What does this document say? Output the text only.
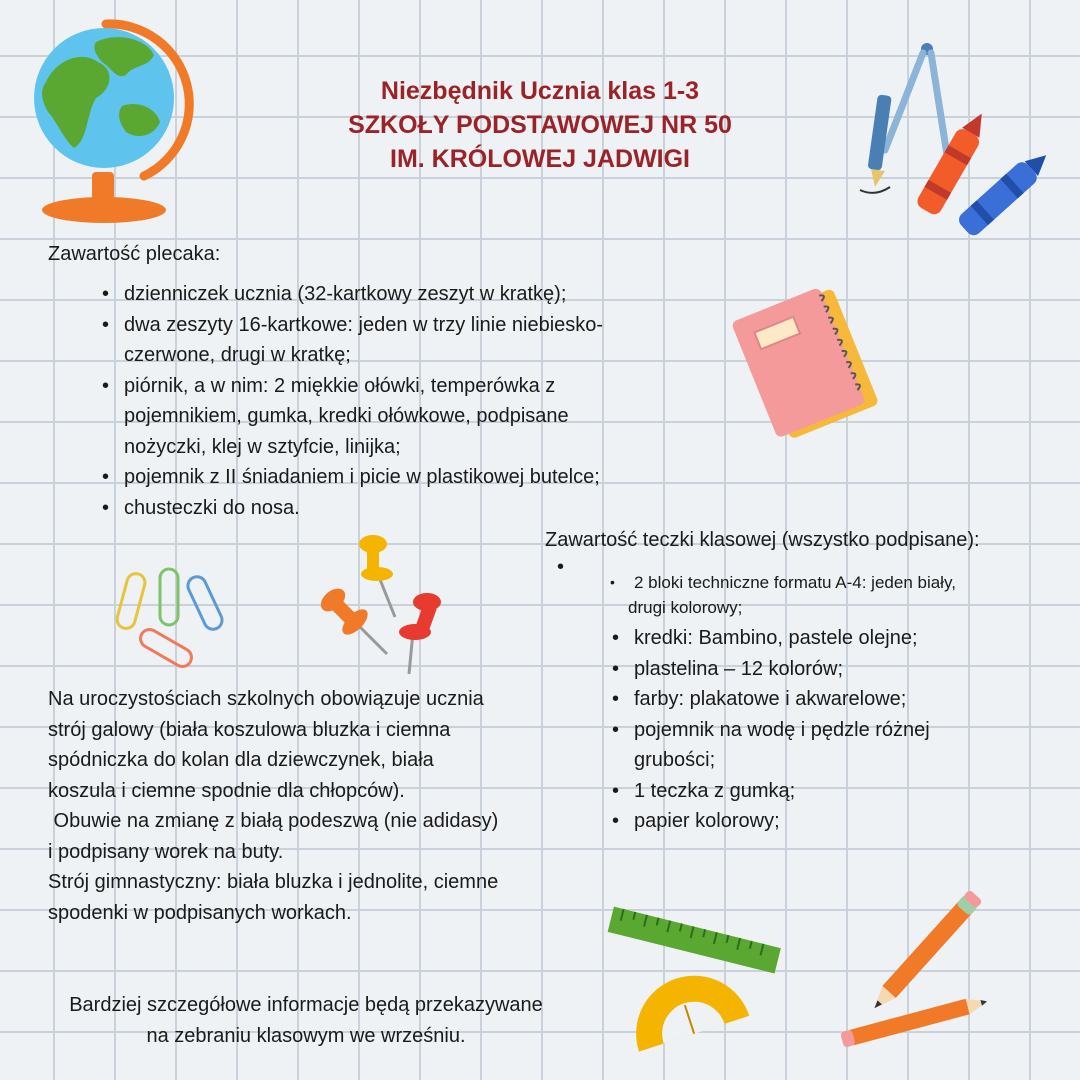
Niezbędnik Ucznia klas 1-3
SZKOŁY PODSTAWOWEJ NR 50
IM. KRÓLOWEJ JADWIGI
Zawartość plecaka:
• dzienniczek ucznia (32-kartkowy zeszyt w kratkę);
• dwa zeszyty 16-kartkowe: jeden w trzy linie niebiesko-
czerwone, drugi w kratkę;
• piórnik, a w nim: 2 miękkie ołówki, temperówka z
pojemnikiem, gumka, kredki ołówkowe, podpisane
nożyczki, klej w sztyfcie, linijka;
• pojemnik z II śniadaniem i picie w plastikowej butelce;
• chusteczki do nosa.
Zawartość teczki klasowej (wszystko podpisane):
•
• 2 bloki techniczne formatu A-4: jeden biały,
drugi kolorowy;
• kredki: Bambino, pastele olejne;
• plastelina – 12 kolorów;
• farby: plakatowe i akwarelowe;
• pojemnik na wodę i pędzle różnej
grubości;
• 1 teczka z gumką;
• papier kolorowy;

Na uroczystościach szkolnych obowiązuje ucznia

strój galowy (biała koszulowa bluzka i ciemna

spódniczka do kolan dla dziewczynek, biała

koszula i ciemne spodnie dla chłopców).

Obuwie na zmianę z białą podeszwą (nie adidasy)

i podpisany worek na buty.

Strój gimnastyczny: biała bluzka i jednolite, ciemne

spodenki w podpisanych workach.

Bardziej szczegółowe informacje będą przekazywane

na zebraniu klasowym we wrześniu.
